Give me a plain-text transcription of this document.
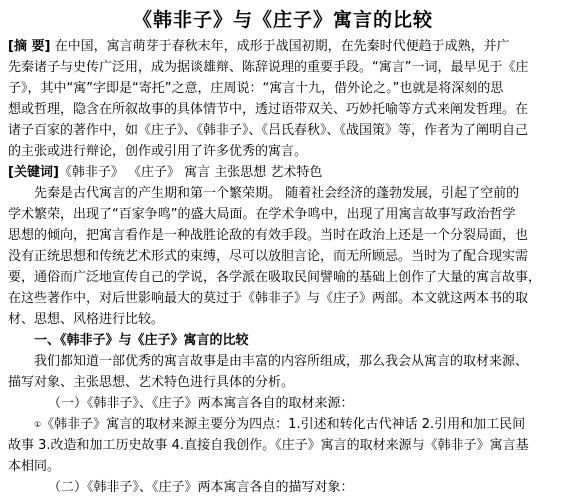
《韩非子》与《庄子》寓言的比较
[摘 要] 在中国，寓言萌芽于春秋末年，成形于战国初期，在先秦时代便趋于成熟，并广
先秦诸子与史传广泛用，成为据谈雄辩、陈辞说理的重要手段。“寓言”一词，最早见于《庄
子》，其中“寓”字即是“寄托”之意，庄周说：“寓言十九，借外论之。”也就是将深刻的思
想或哲理，隐含在所叙故事的具体情节中，透过语带双关、巧妙托喻等方式来阐发哲理。在
诸子百家的著作中，如《庄子》、《韩非子》、《吕氏春秋》、《战国策》等，作者为了阐明自己
的主张或进行辩论，创作或引用了许多优秀的寓言。
[关键词]《韩非子》 《庄子》 寓言 主张思想 艺术特色
先秦是古代寓言的产生期和第一个繁荣期。 随着社会经济的蓬勃发展，引起了空前的
学术繁荣，出现了“百家争鸣”的盛大局面。在学术争鸣中，出现了用寓言故事写政治哲学
思想的倾向，把寓言看作是一种战胜论敌的有效手段。当时在政治上还是一个分裂局面，也
没有正统思想和传统艺术形式的束缚，尽可以放胆言论，而无所顾忌。当时为了配合现实需
要，通俗而广泛地宣传自己的学说，各学派在吸取民间譬喻的基础上创作了大量的寓言故事，
在这些著作中，对后世影响最大的莫过于《韩非子》与《庄子》两部。本文就这两本书的取
材、思想、风格进行比较。
一、《韩非子》与《庄子》寓言的比较
我们都知道一部优秀的寓言故事是由丰富的内容所组成，那么我会从寓言的取材来源、
描写对象、主张思想、艺术特色进行具体的分析。
（一）《韩非子》、《庄子》两本寓言各自的取材来源：
①《韩非子》寓言的取材来源主要分为四点：1.引述和转化古代神话 2.引用和加工民间
故事 3.改造和加工历史故事 4.直接自我创作。《庄子》寓言的取材来源与《韩非子》寓言基
本相同。
（二）《韩非子》、《庄子》两本寓言各自的描写对象：
